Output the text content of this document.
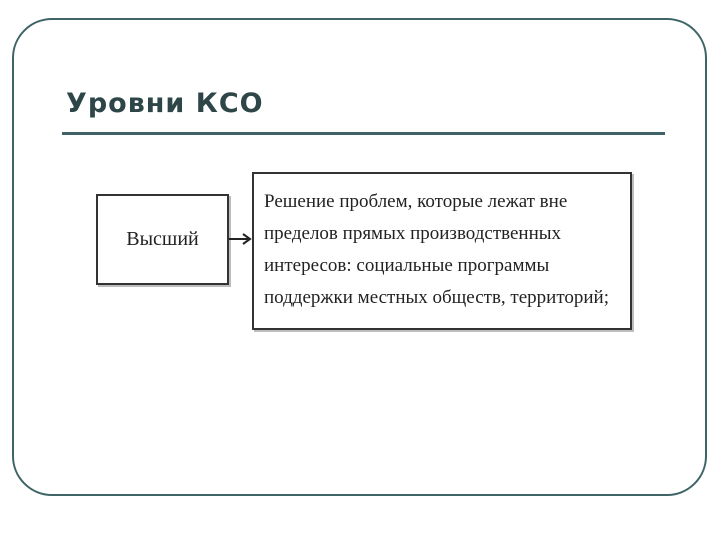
Уровни КСО
Высший
Решение проблем, которые лежат вне пределов прямых производственных интересов: социальные программы поддержки местных обществ, территорий;
